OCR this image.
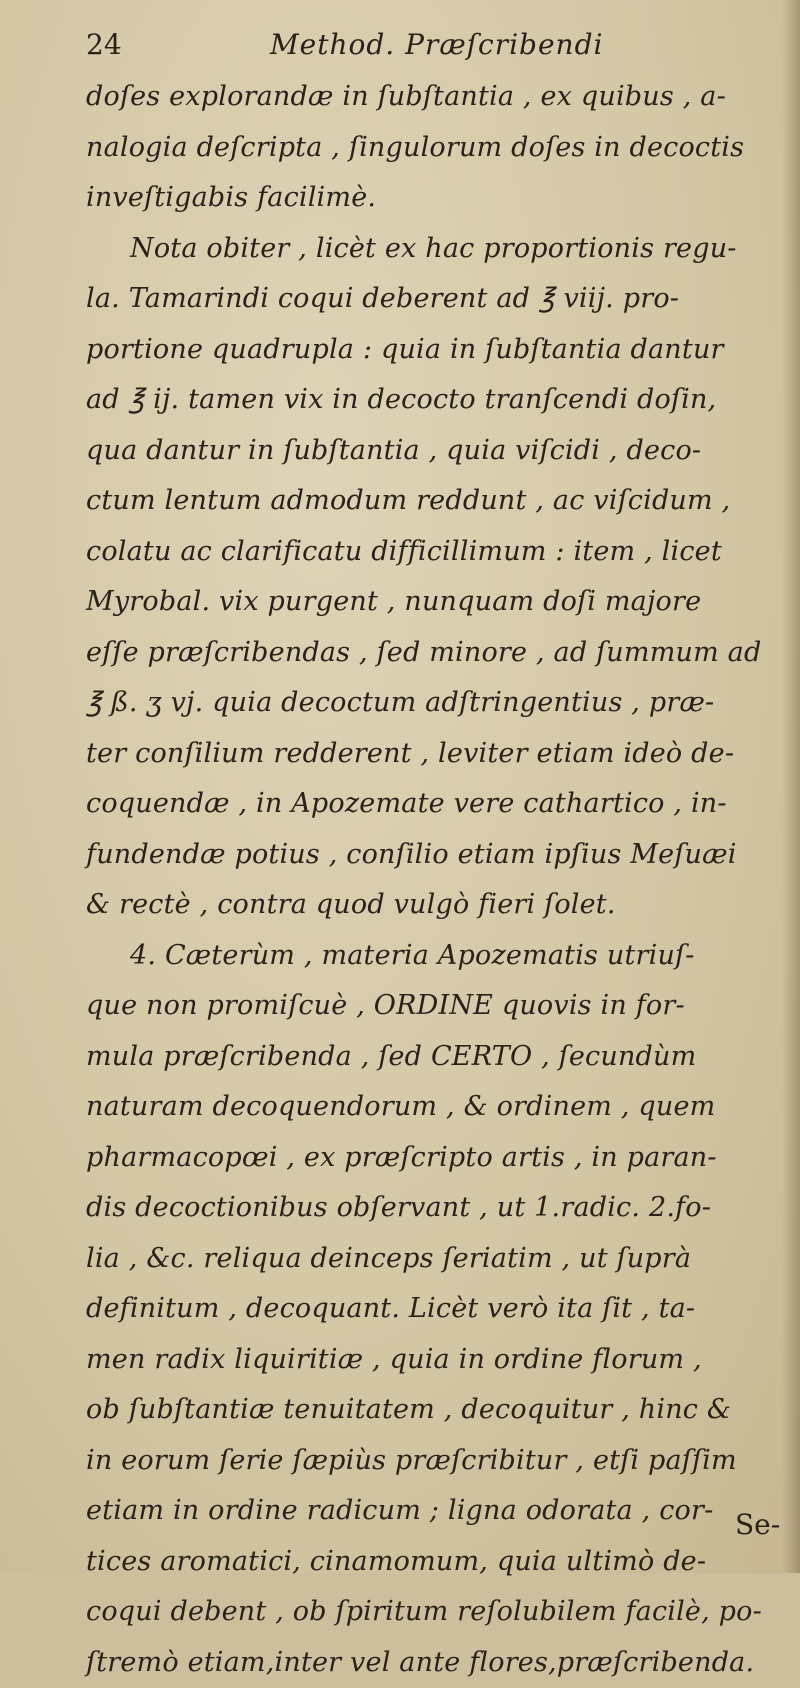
24	Method. Præſcribendi
doſes explorandæ in ſubſtantia , ex quibus , a-
nalogia deſcripta , ſingulorum doſes in decoctis
inveſtigabis facilimè.
Nota obiter , licèt ex hac proportionis regu-
la. Tamarindi coqui deberent ad ℥ viij. pro-
portione quadrupla : quia in ſubſtantia dantur
ad ℥ ij. tamen vix in decocto tranſcendi doſin,
qua dantur in ſubſtantia , quia viſcidi , deco-
ctum lentum admodum reddunt , ac viſcidum ,
colatu ac clarificatu difficillimum : item , licet
Myrobal. vix purgent , nunquam doſi majore
eſſe præſcribendas , ſed minore , ad ſummum ad
℥ ß. ʒ vj. quia decoctum adſtringentius , præ-
ter conſilium redderent , leviter etiam ideò de-
coquendæ , in Apozemate vere cathartico , in-
fundendæ potius , conſilio etiam ipſius Meſuæi
& rectè , contra quod vulgò fieri ſolet.
4. Cæterùm , materia Apozematis utriuſ-
que non promiſcuè , ORDINE quovis in for-
mula præſcribenda , ſed CERTO , ſecundùm
naturam decoquendorum , & ordinem , quem
pharmacopœi , ex præſcripto artis , in paran-
dis decoctionibus obſervant , ut 1.radic. 2.fo-
lia , &c. reliqua deinceps ſeriatim , ut ſuprà
definitum , decoquant. Licèt verò ita ſit , ta-
men radix liquiritiæ , quia in ordine florum ,
ob ſubſtantiæ tenuitatem , decoquitur , hinc &
in eorum ſerie ſæpiùs præſcribitur , etſi paſſim
etiam in ordine radicum ; ligna odorata , cor-
tices aromatici, cinamomum, quia ultimò de-
coqui debent , ob ſpiritum reſolubilem facilè, po-
ſtremò etiam,inter vel ante flores,præſcribenda.
Se-
